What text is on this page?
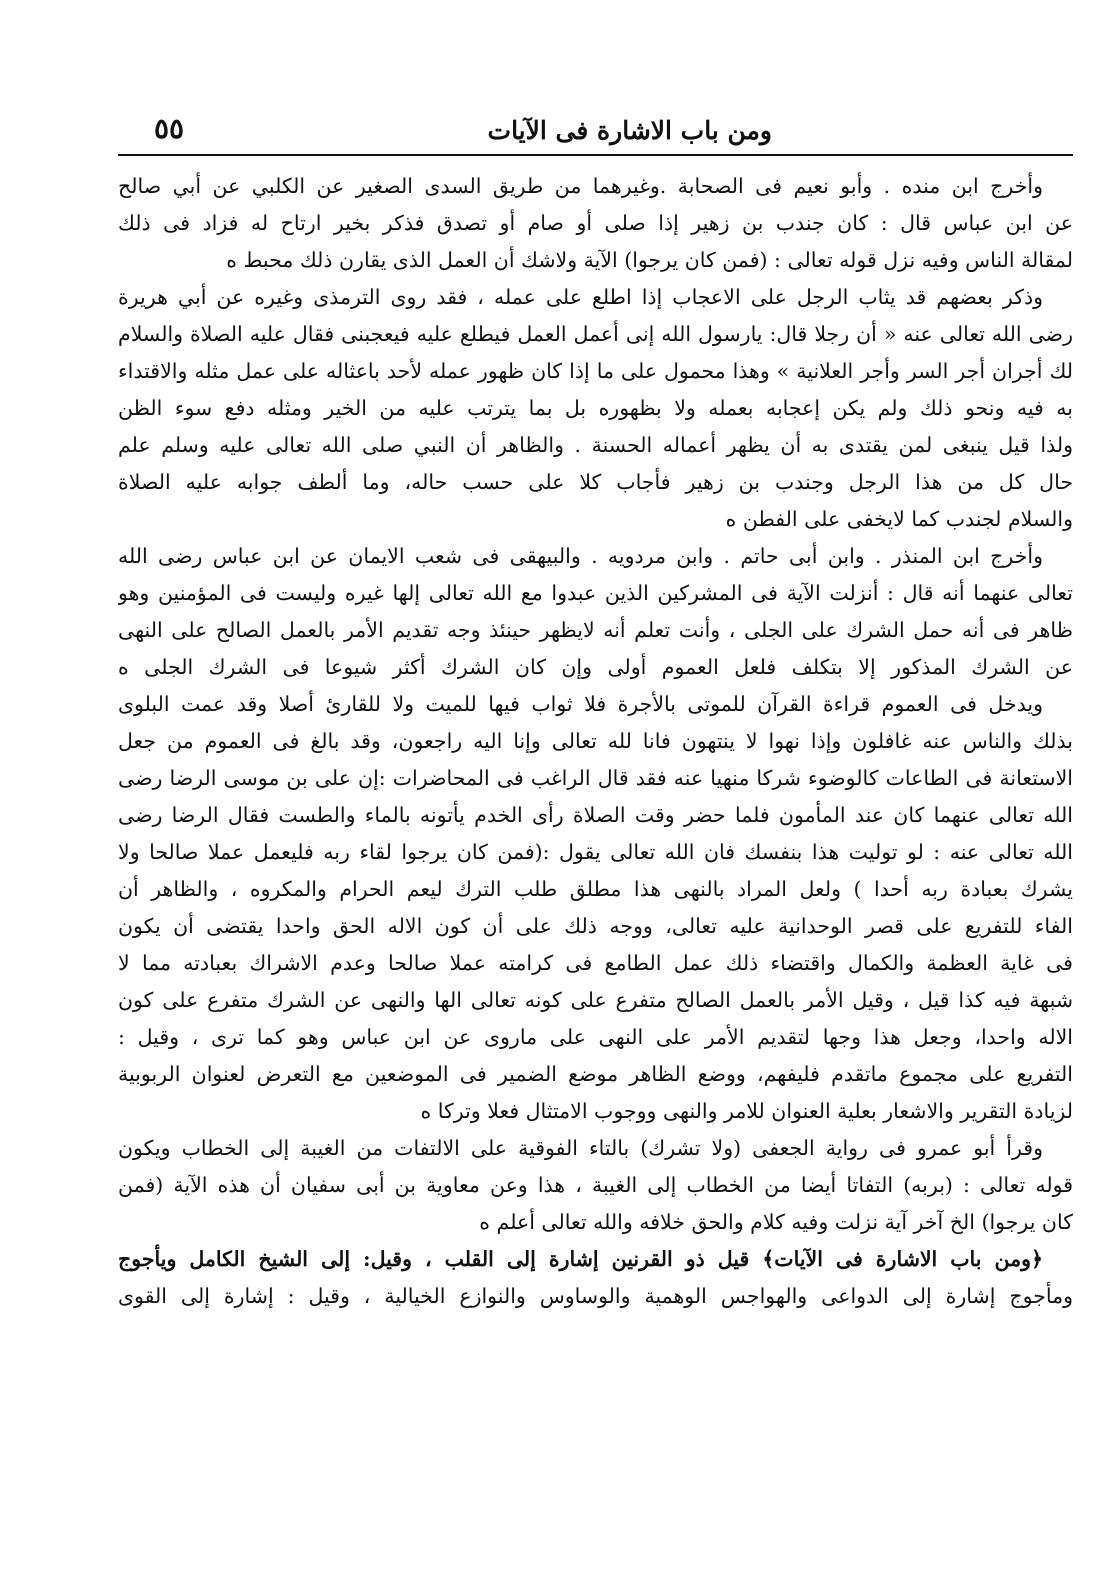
ومن باب الاشارة فى الآيات
٥٥
وأخرج ابن منده . وأبو نعيم فى الصحابة .وغيرهما من طريق السدى الصغير عن الكلبي عن أبي صالح
عن ابن عباس قال : كان جندب بن زهير إذا صلى أو صام أو تصدق فذكر بخير ارتاح له فزاد فى ذلك
لمقالة الناس وفيه نزل قوله تعالى : (فمن كان يرجوا) الآية ولاشك أن العمل الذى يقارن ذلك محبط ه
وذكر بعضهم قد يثاب الرجل على الاعجاب إذا اطلع على عمله ، فقد روى الترمذى وغيره عن أبي هريرة
رضى الله تعالى عنه « أن رجلا قال: يارسول الله إنى أعمل العمل فيطلع عليه فيعجبنى فقال عليه الصلاة والسلام
لك أجران أجر السر وأجر العلانية » وهذا محمول على ما إذا كان ظهور عمله لأحد باعثاله على عمل مثله والاقتداء
به فيه ونحو ذلك ولم يكن إعجابه بعمله ولا بظهوره بل بما يترتب عليه من الخير ومثله دفع سوء الظن
ولذا قيل ينبغى لمن يقتدى به أن يظهر أعماله الحسنة . والظاهر أن النبي صلى الله تعالى عليه وسلم علم
حال كل من هذا الرجل وجندب بن زهير فأجاب كلا على حسب حاله، وما ألطف جوابه عليه الصلاة
والسلام لجندب كما لايخفى على الفطن ه
وأخرج ابن المنذر . وابن أبى حاتم . وابن مردويه . والبيهقى فى شعب الايمان عن ابن عباس رضى الله
تعالى عنهما أنه قال : أنزلت الآية فى المشركين الذين عبدوا مع الله تعالى إلها غيره وليست فى المؤمنين وهو
ظاهر فى أنه حمل الشرك على الجلى ، وأنت تعلم أنه لايظهر حينئذ وجه تقديم الأمر بالعمل الصالح على النهى
عن الشرك المذكور إلا بتكلف فلعل العموم أولى وإن كان الشرك أكثر شيوعا فى الشرك الجلى ه
ويدخل فى العموم قراءة القرآن للموتى بالأجرة فلا ثواب فيها للميت ولا للقارئ أصلا وقد عمت البلوى
بذلك والناس عنه غافلون وإذا نهوا لا ينتهون فانا لله تعالى وإنا اليه راجعون، وقد بالغ فى العموم من جعل
الاستعانة فى الطاعات كالوضوء شركا منهيا عنه فقد قال الراغب فى المحاضرات :إن على بن موسى الرضا رضى
الله تعالى عنهما كان عند المأمون فلما حضر وقت الصلاة رأى الخدم يأتونه بالماء والطست فقال الرضا رضى
الله تعالى عنه : لو توليت هذا بنفسك فان الله تعالى يقول :(فمن كان يرجوا لقاء ربه فليعمل عملا صالحا ولا
يشرك بعبادة ربه أحدا ) ولعل المراد بالنهى هذا مطلق طلب الترك ليعم الحرام والمكروه ، والظاهر أن
الفاء للتفريع على قصر الوحدانية عليه تعالى، ووجه ذلك على أن كون الاله الحق واحدا يقتضى أن يكون
فى غاية العظمة والكمال واقتضاء ذلك عمل الطامع فى كرامته عملا صالحا وعدم الاشراك بعبادته مما لا
شبهة فيه كذا قيل ، وقيل الأمر بالعمل الصالح متفرع على كونه تعالى الها والنهى عن الشرك متفرع على كون
الاله واحدا، وجعل هذا وجها لتقديم الأمر على النهى على ماروى عن ابن عباس وهو كما ترى ، وقيل :
التفريع على مجموع ماتقدم فليفهم، ووضع الظاهر موضع الضمير فى الموضعين مع التعرض لعنوان الربوبية
لزيادة التقرير والاشعار بعلية العنوان للامر والنهى ووجوب الامتثال فعلا وتركا ه
وقرأ أبو عمرو فى رواية الجعفى (ولا تشرك) بالتاء الفوقية على الالتفات من الغيبة إلى الخطاب ويكون
قوله تعالى : (بربه) التفاتا أيضا من الخطاب إلى الغيبة ، هذا وعن معاوية بن أبى سفيان أن هذه الآية (فمن
كان يرجوا) الخ آخر آية نزلت وفيه كلام والحق خلافه والله تعالى أعلم ه
﴿ومن باب الاشارة فى الآيات﴾ قيل ذو القرنين إشارة إلى القلب ، وقيل: إلى الشيخ الكامل ويأجوج
ومأجوج إشارة إلى الدواعى والهواجس الوهمية والوساوس والنوازع الخيالية ، وقيل : إشارة إلى القوى
